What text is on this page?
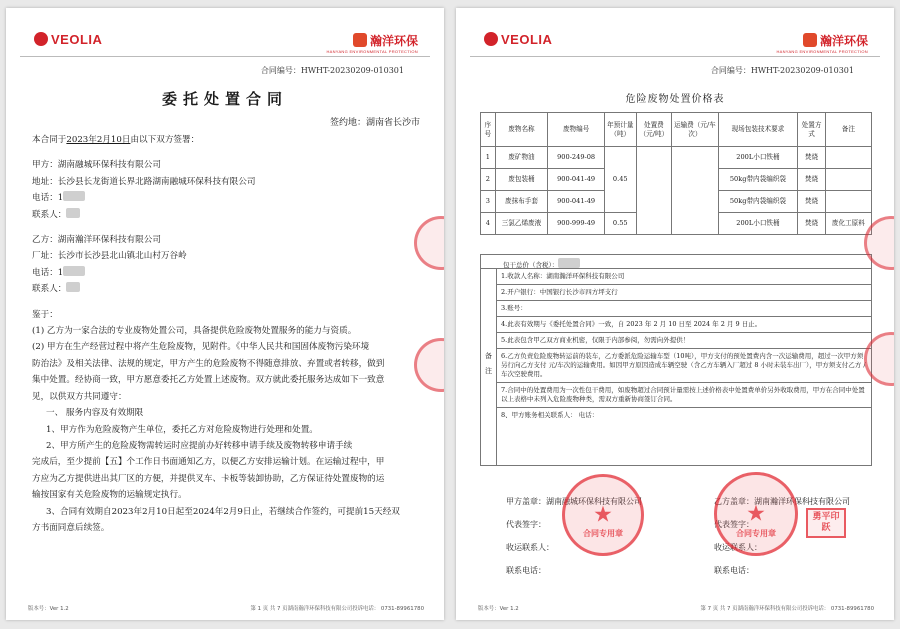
VEOLIA	瀚洋环保
HANYANG ENVIRONMENTAL PROTECTION
合同编号：HWHT-20230209-010301
委托处置合同
签约地：湖南省长沙市
本合同于2023年2月10日由以下双方签署：
甲方：湖南融城环保科技有限公司
地址：长沙县长龙街道长界北路湖南融城环保科技有限公司
电话：1
联系人：
乙方：湖南瀚洋环保科技有限公司
厂址：长沙市长沙县北山镇北山村万谷岭
电话：1
联系人：
鉴于：
(1) 乙方为一家合法的专业废物处置公司，具备提供危险废物处置服务的能力与资质。
(2) 甲方在生产经营过程中将产生危险废物，见附件。《中华人民共和国固体废物污染环境
防治法》及相关法律、法规的规定，甲方产生的危险废物不得随意排放、弃置或者转移，做到
集中处置。经协商一致，甲方愿意委托乙方处置上述废物。双方就此委托服务达成如下一致意
见，以供双方共同遵守：
一、 服务内容及有效期限
1、甲方作为危险废物产生单位，委托乙方对危险废物进行处理和处置。
2、甲方所产生的危险废物需转运时应提前办好转移申请手续及废物转移申请手续
完成后，至少提前【五】个工作日书面通知乙方，以便乙方安排运输计划。在运输过程中，甲
方应为乙方提供进出其厂区的方便，并提供叉车、卡板等装卸协助，乙方保证待处置废物的运
输按国家有关危险废物的运输规定执行。
3、合同有效期自2023年2月10日起至2024年2月9日止，若继续合作签约，可提前15天经双
方书面同意后续签。
版本号：Ver 1.2	第 1 页 共 7 页湖南瀚洋环保科技有限公司投诉电话： 0731-89961780
VEOLIA	瀚洋环保
HANYANG ENVIRONMENTAL PROTECTION
合同编号：HWHT-20230209-010301
危险废物处置价格表
序号	废物名称	废物编号	年预计量（吨）	处置费（元/吨）	运输费（元/车次）	现场包装技术要求	处置方式	备注
1	废矿物油	900-249-08	0.45			200L小口铁桶	焚烧	
2	废包装桶	900-041-49				50kg带内袋编织袋	焚烧	
3	废抹布手套	900-041-49				50kg带内袋编织袋	焚烧	
4	三氯乙烯废液	900-999-49	0.55			200L小口铁桶	焚烧	废化工原料
包干总价（含税）：
备注
1.收款人名称：湖南瀚洋环保科技有限公司
2.开户银行：中国银行长沙市四方坪支行
3.账号：
4.此表有效期与《委托处置合同》一致，自 2023 年 2 月 10 日至 2024 年 2 月 9 日止。
5.此表包含甲乙双方商业机密，仅限于内部参阅，勿需向外提供！
6.乙方负责危险废物转运前的装车，乙方委派危险运输车型（10吨），甲方支付的预处置费内含一次运输费用，超过一次甲方须另行向乙方支付 元/车次的运输费用。如因甲方原因造成车辆空驶（含乙方车辆入厂超过 8 小时未装车出厂），甲方须支付乙方 /车次空驶费用。
7.合同中的处置费用为一次性包干费用，如废物超过合同预计量需按上述价格表中处置费单价另外收取费用，甲方在合同中处置以上表格中未列入危险废物种类，需双方重新协商签订合同。
8、甲方账务相关联系人： 电话：
甲方盖章：湖南融城环保科技有限公司
代表签字：
收运联系人：
联系电话：
乙方盖章：湖南瀚洋环保科技有限公司
代表签字：
收运联系人：
联系电话：
★
合同专用章
★
合同专用章
勇平印跃
版本号：Ver 1.2	第 7 页 共 7 页湖南瀚洋环保科技有限公司投诉电话： 0731-89961780
